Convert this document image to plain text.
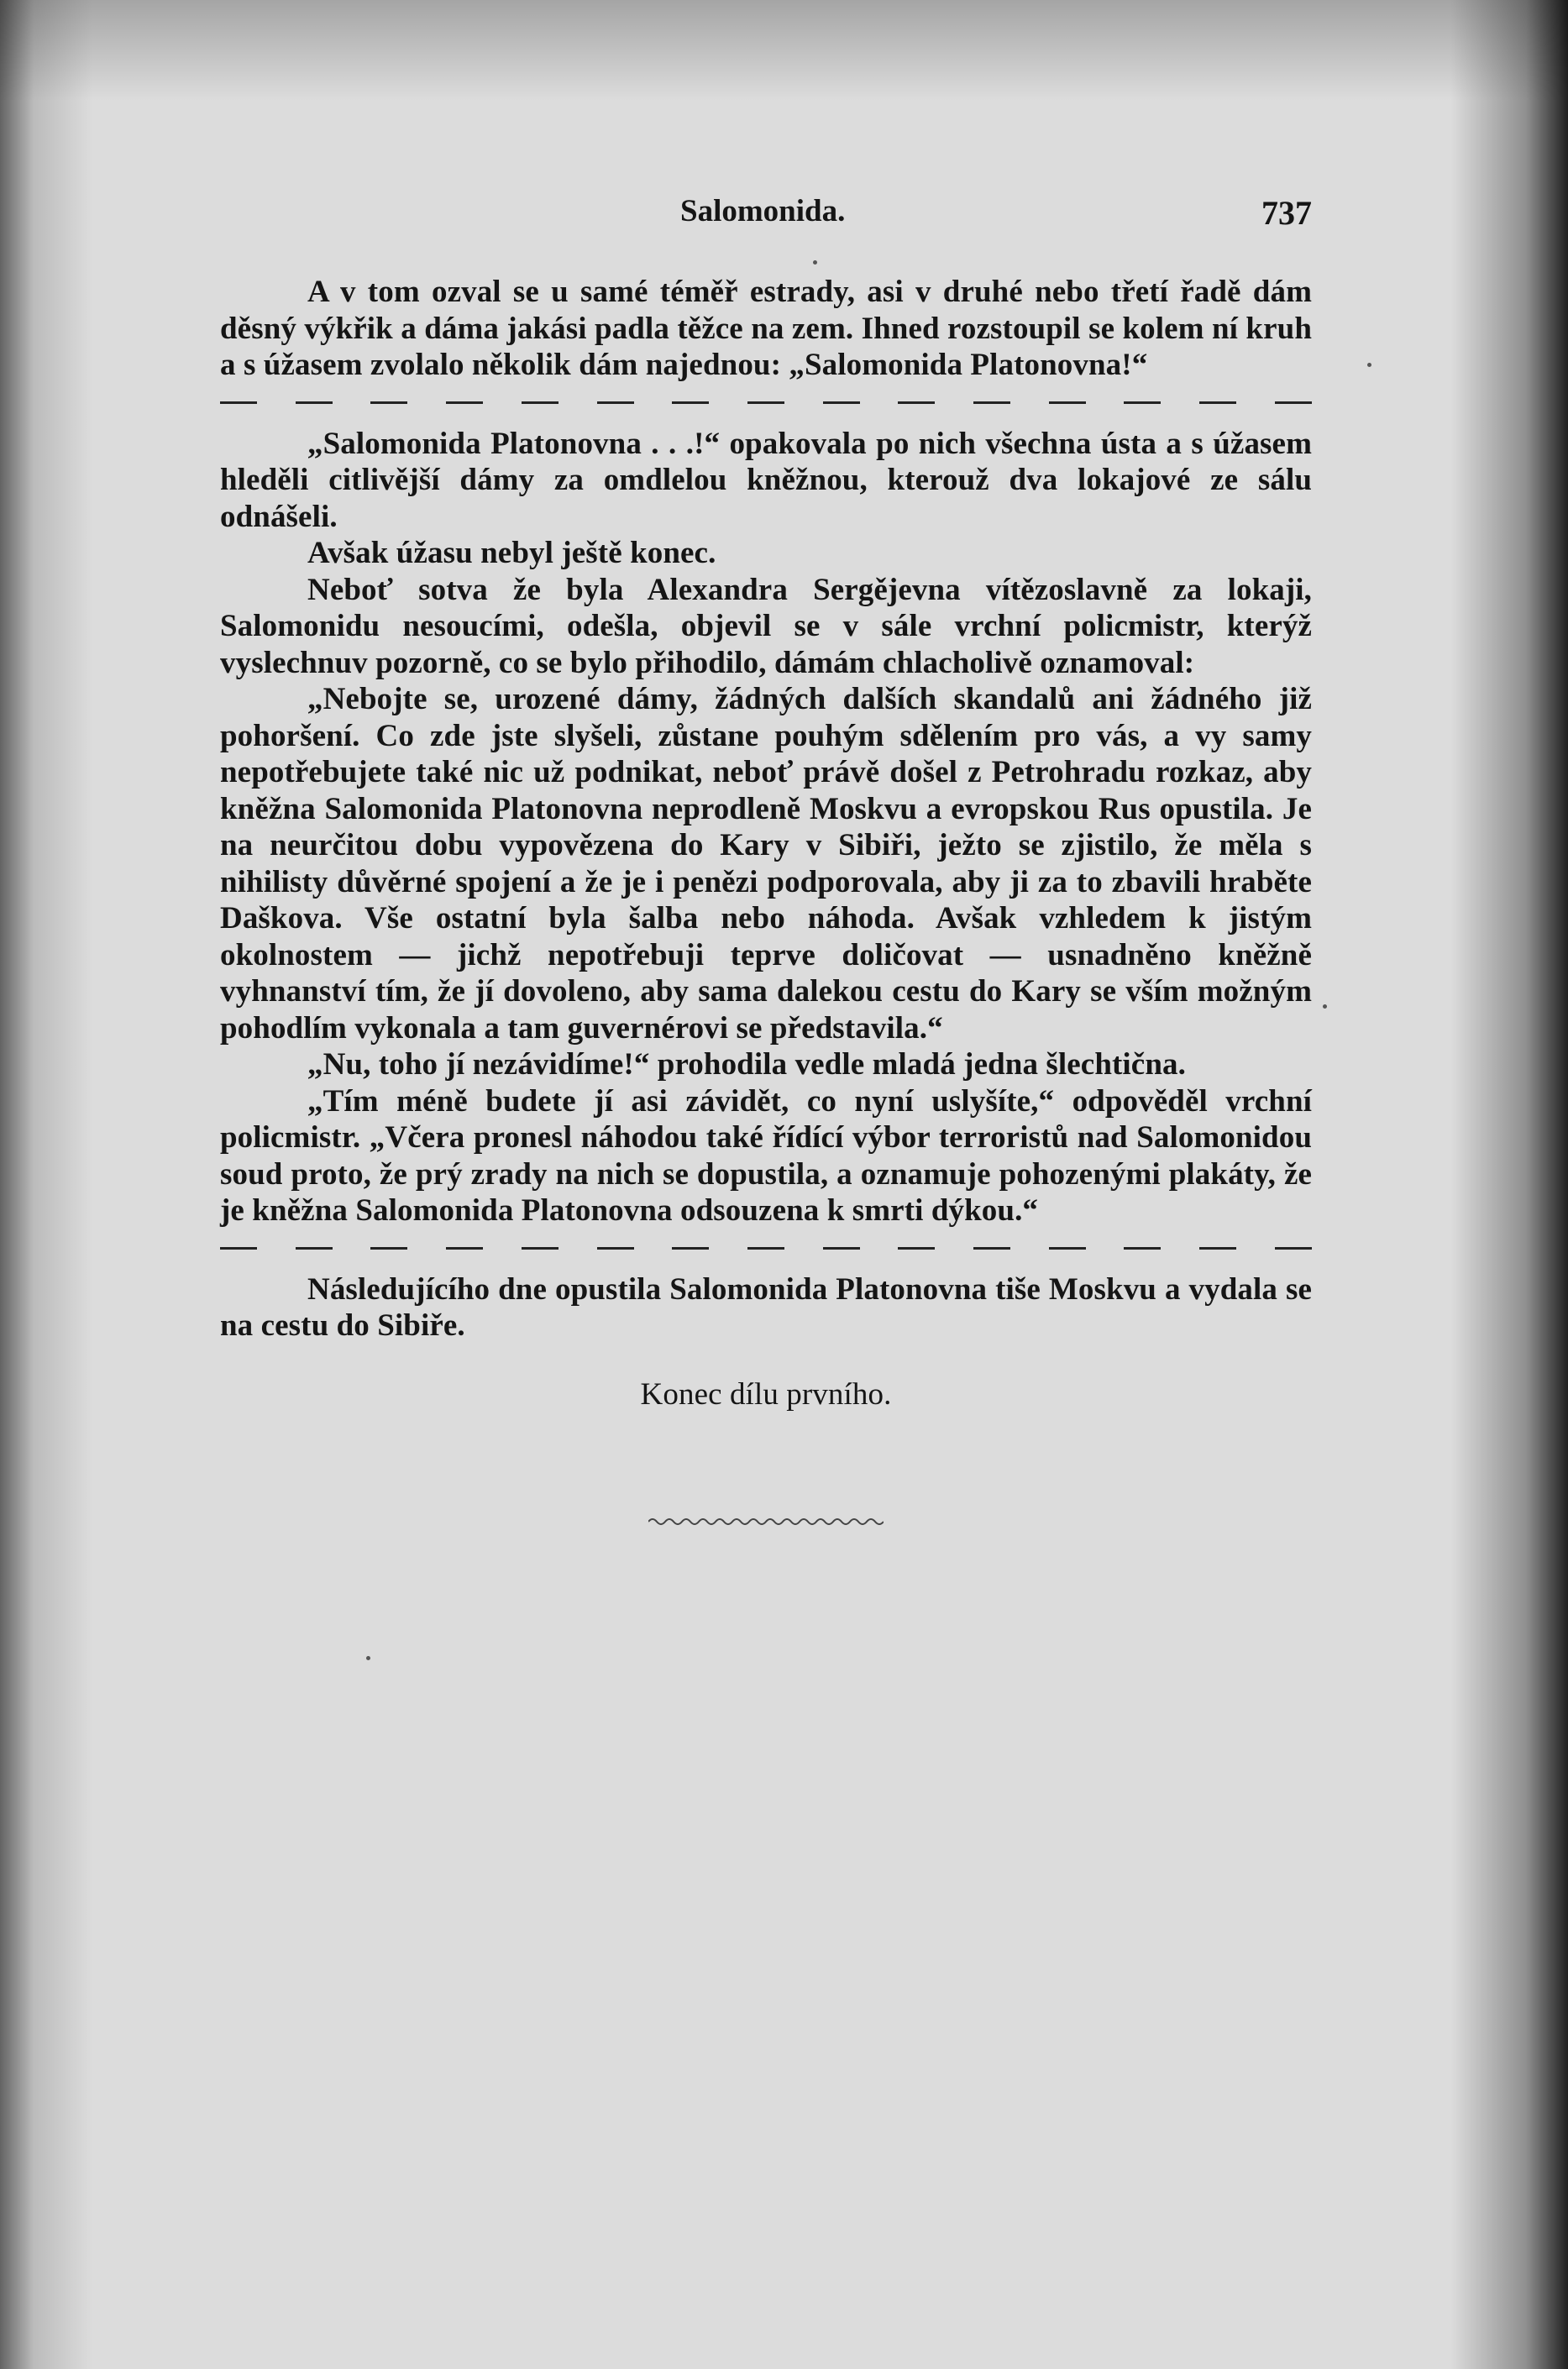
Salomonida.	737

A v tom ozval se u samé téměř estrady, asi v druhé nebo třetí řadě dám děsný výkřik a dáma jakási padla těžce na zem. Ihned rozstoupil se kolem ní kruh a s úžasem zvolalo několik dám najednou: „Salomonida Platonovna!“

„Salomonida Platonovna . . .!“ opakovala po nich všechna ústa a s úžasem hleděli citlivější dámy za omdlelou kněžnou, kterouž dva lokajové ze sálu odnášeli.

Avšak úžasu nebyl ještě konec.

Neboť sotva že byla Alexandra Sergějevna vítězoslavně za lokaji, Salomonidu nesoucími, odešla, objevil se v sále vrchní policmistr, kterýž vyslechnuv pozorně, co se bylo přihodilo, dámám chlacholivě oznamoval:

„Nebojte se, urozené dámy, žádných dalších skandalů ani žádného již pohoršení. Co zde jste slyšeli, zůstane pouhým sdělením pro vás, a vy samy nepotřebujete také nic už podnikat, neboť právě došel z Petrohradu rozkaz, aby kněžna Salomonida Platonovna neprodleně Moskvu a evropskou Rus opustila. Je na neurčitou dobu vypovězena do Kary v Sibiři, ježto se zjistilo, že měla s nihilisty důvěrné spojení a že je i penězi podporovala, aby ji za to zbavili hraběte Daškova. Vše ostatní byla šalba nebo náhoda. Avšak vzhledem k jistým okolnostem — jichž nepotřebuji teprve doličovat — usnadněno kněžně vyhnanství tím, že jí dovoleno, aby sama dalekou cestu do Kary se vším možným pohodlím vykonala a tam guvernérovi se představila.“

„Nu, toho jí nezávidíme!“ prohodila vedle mladá jedna šlechtična.

„Tím méně budete jí asi závidět, co nyní uslyšíte,“ odpověděl vrchní policmistr. „Včera pronesl náhodou také řídící výbor terroristů nad Salomonidou soud proto, že prý zrady na nich se dopustila, a oznamuje pohozenými plakáty, že je kněžna Salomonida Platonovna odsouzena k smrti dýkou.“

Následujícího dne opustila Salomonida Platonovna tiše Moskvu a vydala se na cestu do Sibiře.

Konec dílu prvního.
